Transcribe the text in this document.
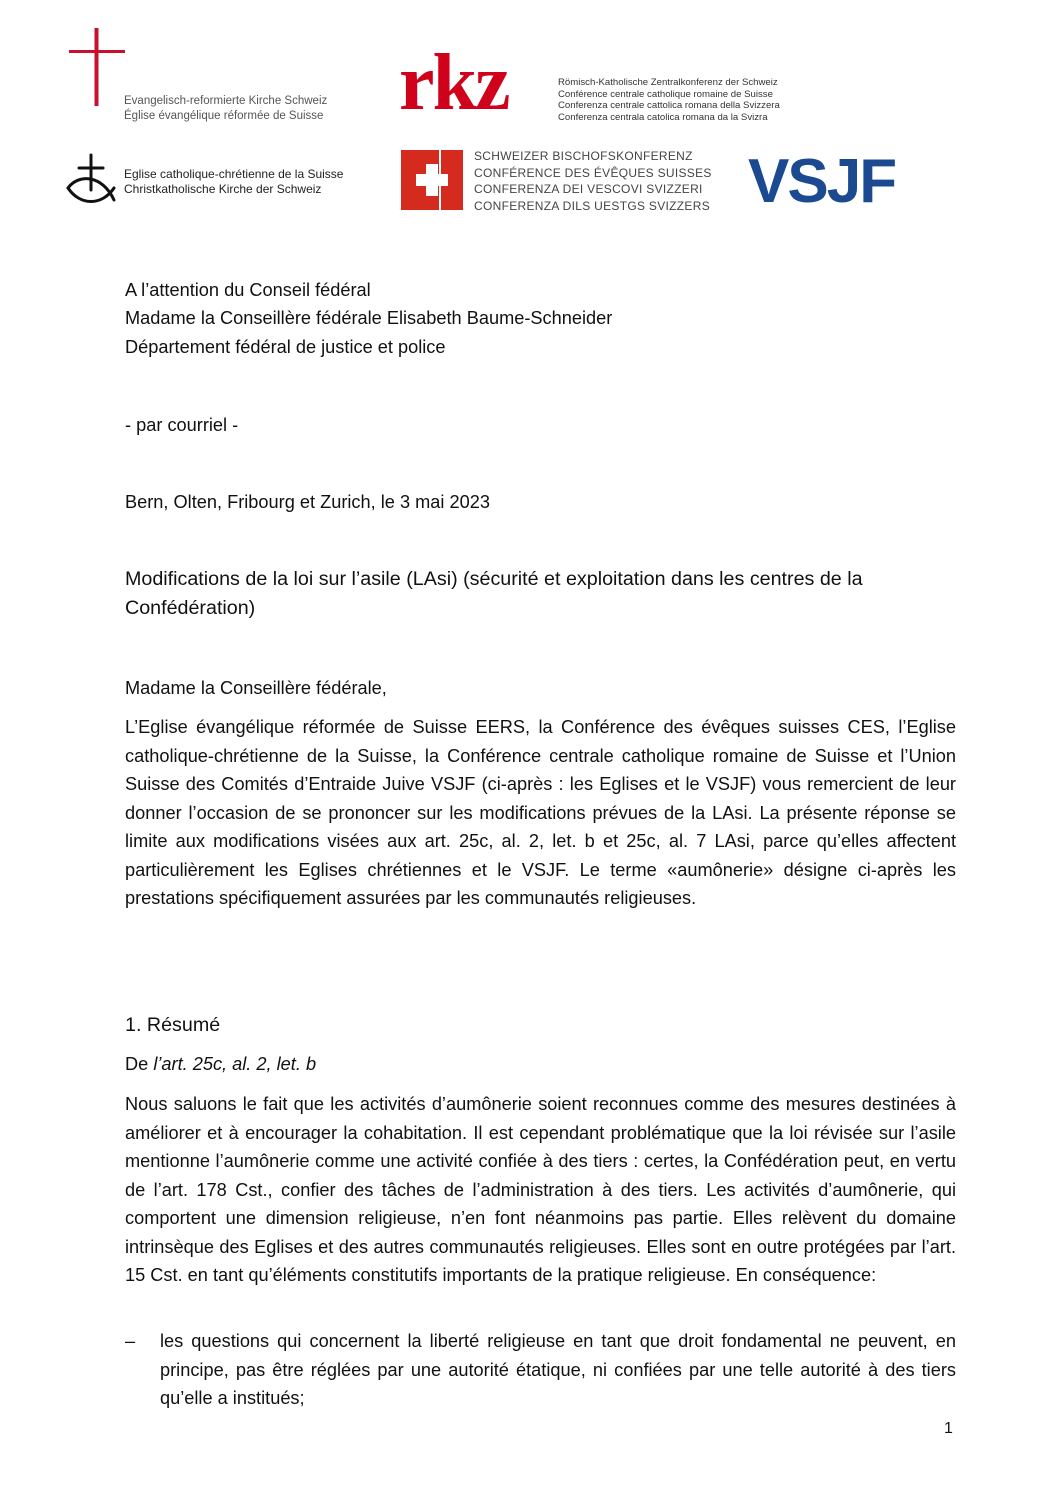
Evangelisch-reformierte Kirche Schweiz
Église évangélique réformée de Suisse rkz	Römisch-Katholische Zentralkonferenz der Schweiz
Conférence centrale catholique romaine de Suisse
Conferenza centrale cattolica romana della Svizzera
Conferenza centrala catolica romana da la Svizra
Eglise catholique-chrétienne de la Suisse
Christkatholische Kirche der Schweiz
SCHWEIZER BISCHOFSKONFERENZ
CONFÉRENCE DES ÉVÊQUES SUISSES
CONFERENZA DEI VESCOVI SVIZZERI
CONFERENZA DILS UESTGS SVIZZERS VSJF
A l’attention du Conseil fédéral
Madame la Conseillère fédérale Elisabeth Baume-Schneider
Département fédéral de justice et police
- par courriel -
Bern, Olten, Fribourg et Zurich, le 3 mai 2023
Modifications de la loi sur l’asile (LAsi) (sécurité et exploitation dans les centres de la Confédération)
Madame la Conseillère fédérale,
L’Eglise évangélique réformée de Suisse EERS, la Conférence des évêques suisses CES, l’Eglise catholique-chrétienne de la Suisse, la Conférence centrale catholique romaine de Suisse et l’Union Suisse des Comités d’Entraide Juive VSJF (ci-après : les Eglises et le VSJF) vous remercient de leur donner l’occasion de se prononcer sur les modifications prévues de la LAsi. La présente réponse se limite aux modifications visées aux art. 25c, al. 2, let. b et 25c, al. 7 LAsi, parce qu’elles affectent particulièrement les Eglises chrétiennes et le VSJF. Le terme «aumônerie» désigne ci-après les prestations spécifiquement assurées par les communautés religieuses.
1. Résumé
De l’art. 25c, al. 2, let. b
Nous saluons le fait que les activités d’aumônerie soient reconnues comme des mesures destinées à améliorer et à encourager la cohabitation. Il est cependant problématique que la loi révisée sur l’asile mentionne l’aumônerie comme une activité confiée à des tiers : certes, la Confédération peut, en vertu de l’art. 178 Cst., confier des tâches de l’administration à des tiers. Les activités d’aumônerie, qui comportent une dimension religieuse, n’en font néanmoins pas partie. Elles relèvent du domaine intrinsèque des Eglises et des autres communautés religieuses. Elles sont en outre protégées par l’art. 15 Cst. en tant qu’éléments constitutifs importants de la pratique religieuse. En conséquence:
– les questions qui concernent la liberté religieuse en tant que droit fondamental ne peuvent, en principe, pas être réglées par une autorité étatique, ni confiées par une telle autorité à des tiers qu’elle a institués;
1
